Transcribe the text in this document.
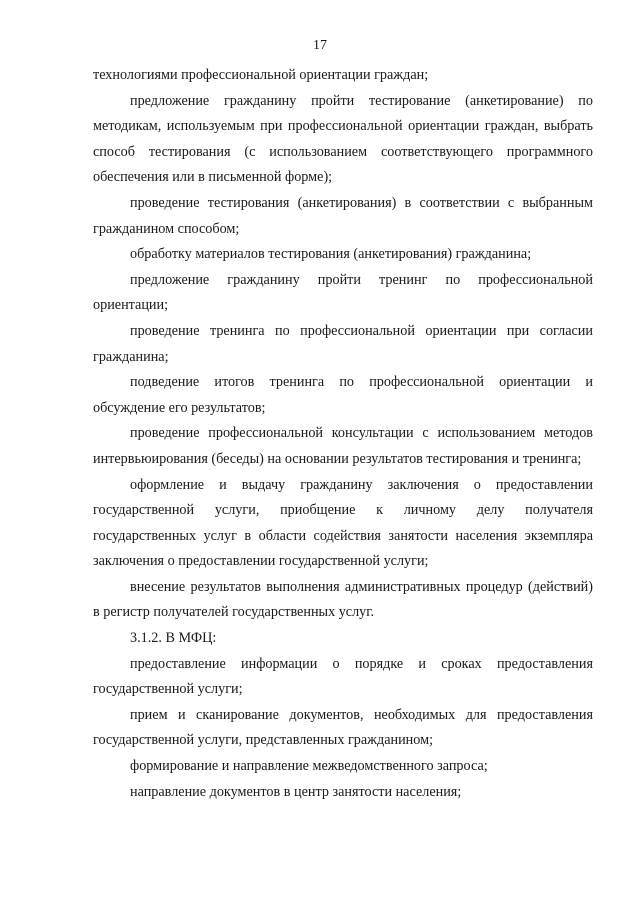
17

технологиями профессиональной ориентации граждан;

предложение гражданину пройти тестирование (анкетирование) по методикам, используемым при профессиональной ориентации граждан, выбрать способ тестирования (с использованием соответствующего программного обеспечения или в письменной форме);

проведение тестирования (анкетирования) в соответствии с выбранным гражданином способом;

обработку материалов тестирования (анкетирования) гражданина;

предложение гражданину пройти тренинг по профессиональной ориентации;

проведение тренинга по профессиональной ориентации при согласии гражданина;

подведение итогов тренинга по профессиональной ориентации и обсуждение его результатов;

проведение профессиональной консультации с использованием методов интервьюирования (беседы) на основании результатов тестирования и тренинга;

оформление и выдачу гражданину заключения о предоставлении государственной услуги, приобщение к личному делу получателя государственных услуг в области содействия занятости населения экземпляра заключения о предоставлении государственной услуги;

внесение результатов выполнения административных процедур (действий) в регистр получателей государственных услуг.

3.1.2. В МФЦ:

предоставление информации о порядке и сроках предоставления государственной услуги;

прием и сканирование документов, необходимых для предоставления государственной услуги, представленных гражданином;

формирование и направление межведомственного запроса;

направление документов в центр занятости населения;
